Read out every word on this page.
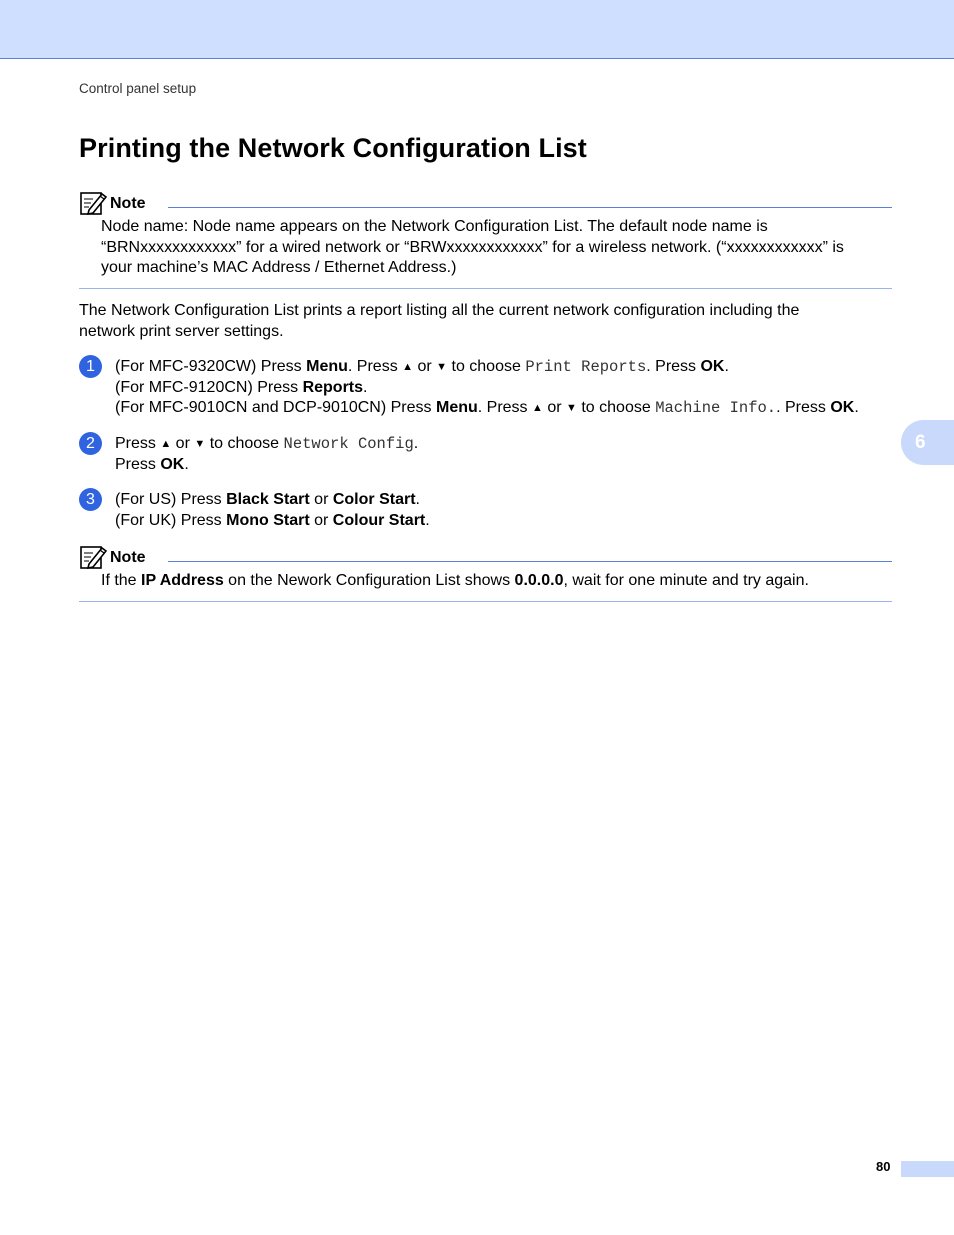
Control panel setup
Printing the Network Configuration List
Note
Node name: Node name appears on the Network Configuration List. The default node name is
“BRNxxxxxxxxxxxx” for a wired network or “BRWxxxxxxxxxxxx” for a wireless network. (“xxxxxxxxxxxx” is
your machine’s MAC Address / Ethernet Address.)
The Network Configuration List prints a report listing all the current network configuration including the
network print server settings.
1	(For MFC-9320CW) Press Menu. Press ▲ or ▼ to choose Print Reports. Press OK.
(For MFC-9120CN) Press Reports.
(For MFC-9010CN and DCP-9010CN) Press Menu. Press ▲ or ▼ to choose Machine Info.. Press OK.
2	Press ▲ or ▼ to choose Network Config.
Press OK.
3	(For US) Press Black Start or Color Start.
(For UK) Press Mono Start or Colour Start.
Note
If the IP Address on the Nework Configuration List shows 0.0.0.0, wait for one minute and try again.
6
80
